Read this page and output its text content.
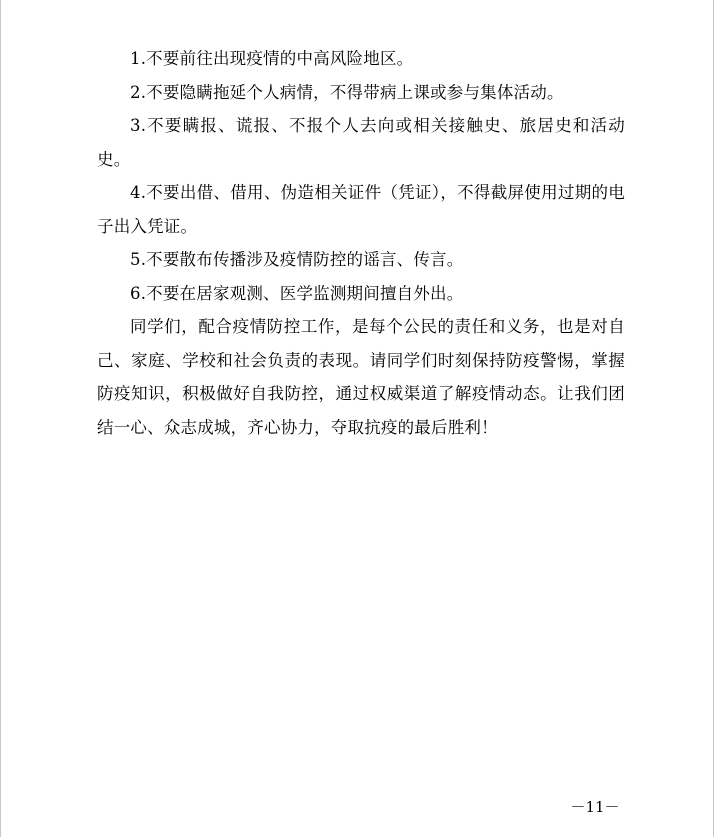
1.不要前往出现疫情的中高风险地区。

2.不要隐瞒拖延个人病情，不得带病上课或参与集体活动。

3.不要瞒报、谎报、不报个人去向或相关接触史、旅居史和活动史。

4.不要出借、借用、伪造相关证件（凭证），不得截屏使用过期的电子出入凭证。

5.不要散布传播涉及疫情防控的谣言、传言。

6.不要在居家观测、医学监测期间擅自外出。

同学们，配合疫情防控工作，是每个公民的责任和义务，也是对自己、家庭、学校和社会负责的表现。请同学们时刻保持防疫警惕，掌握防疫知识，积极做好自我防控，通过权威渠道了解疫情动态。让我们团结一心、众志成城，齐心协力，夺取抗疫的最后胜利！

－11－
